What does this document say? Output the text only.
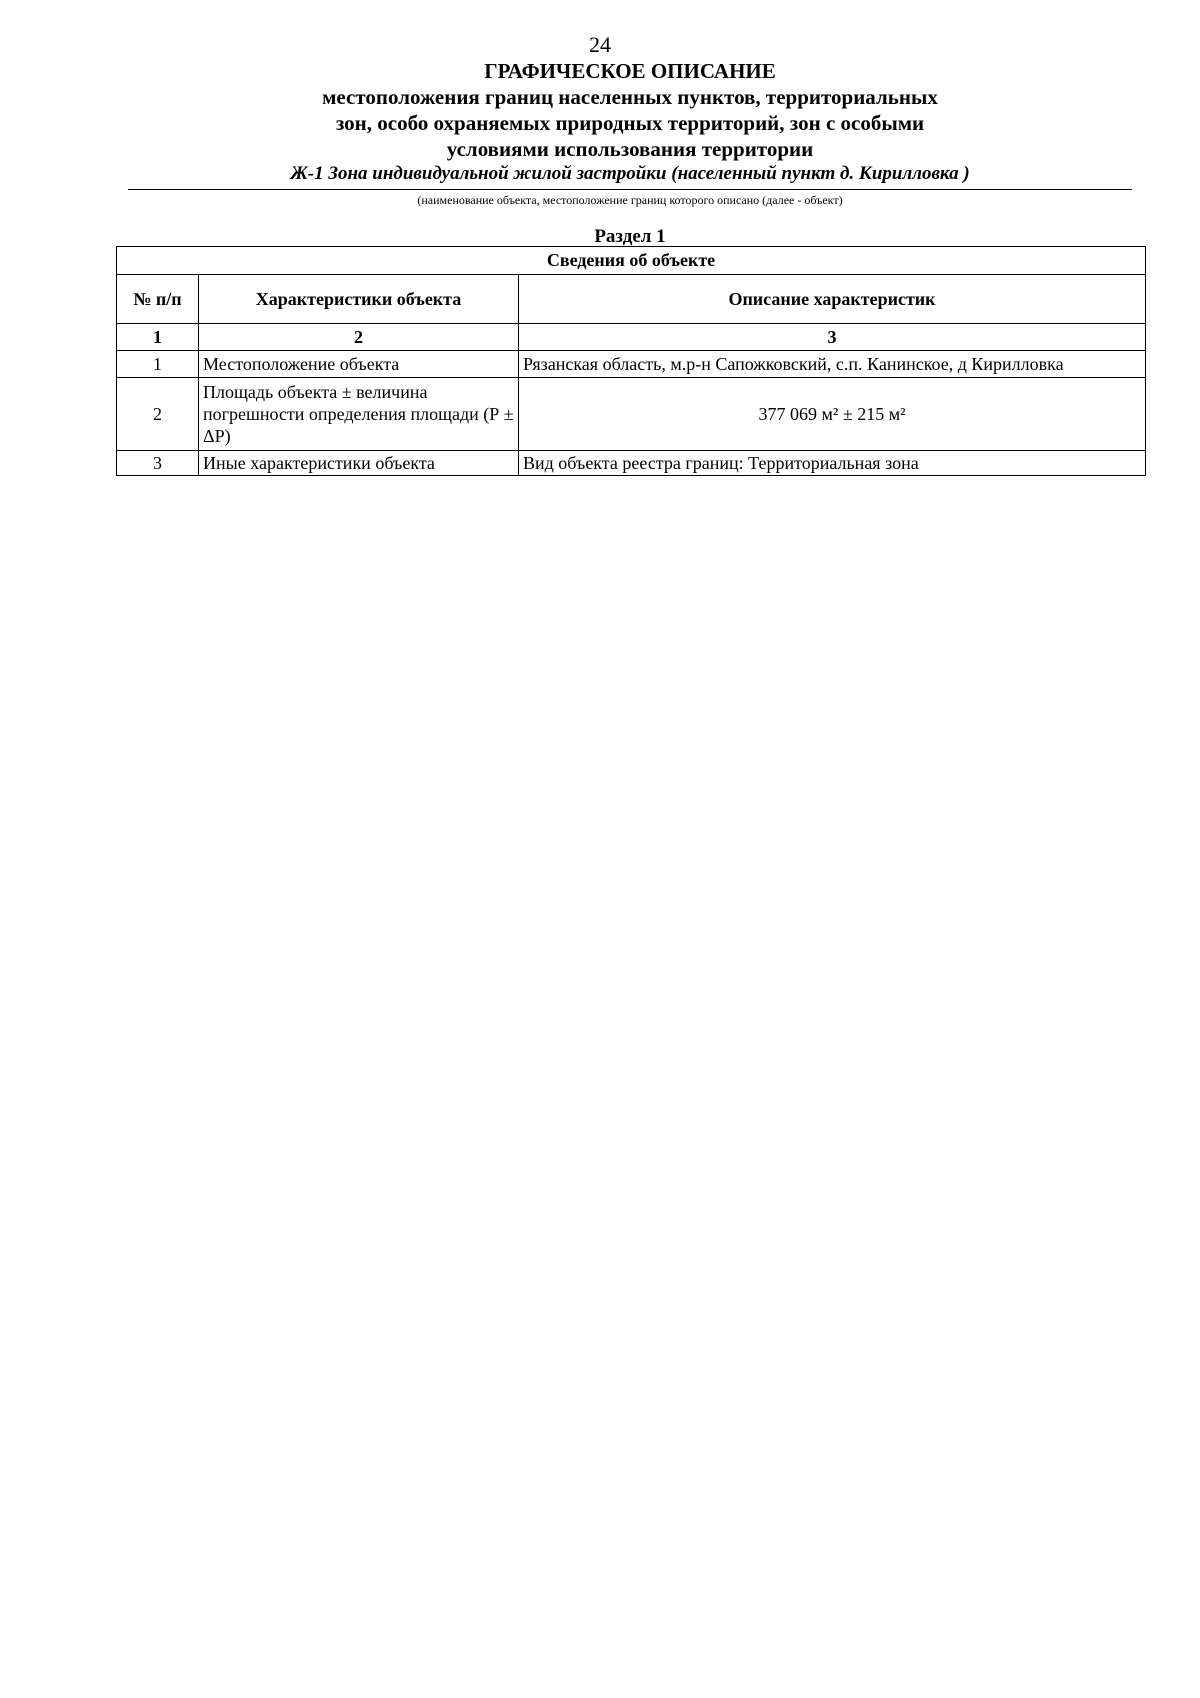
24
ГРАФИЧЕСКОЕ ОПИСАНИЕ
местоположения границ населенных пунктов, территориальных
зон, особо охраняемых природных территорий, зон с особыми
условиями использования территории
Ж-1 Зона индивидуальной жилой застройки (населенный пункт д. Кирилловка )
(наименование объекта, местоположение границ которого описано (далее - объект)
Раздел 1
Сведения об объекте		
№ п/п	Характеристики объекта	Описание характеристик
1	2	3
1	Местоположение объекта	Рязанская область, м.р-н Сапожковский, с.п. Канинское, д Кирилловка
2	Площадь объекта ± величина погрешности определения площади (Р ± ΔР)	377 069 м² ± 215 м²
3	Иные характеристики объекта	Вид объекта реестра границ: Территориальная зона
